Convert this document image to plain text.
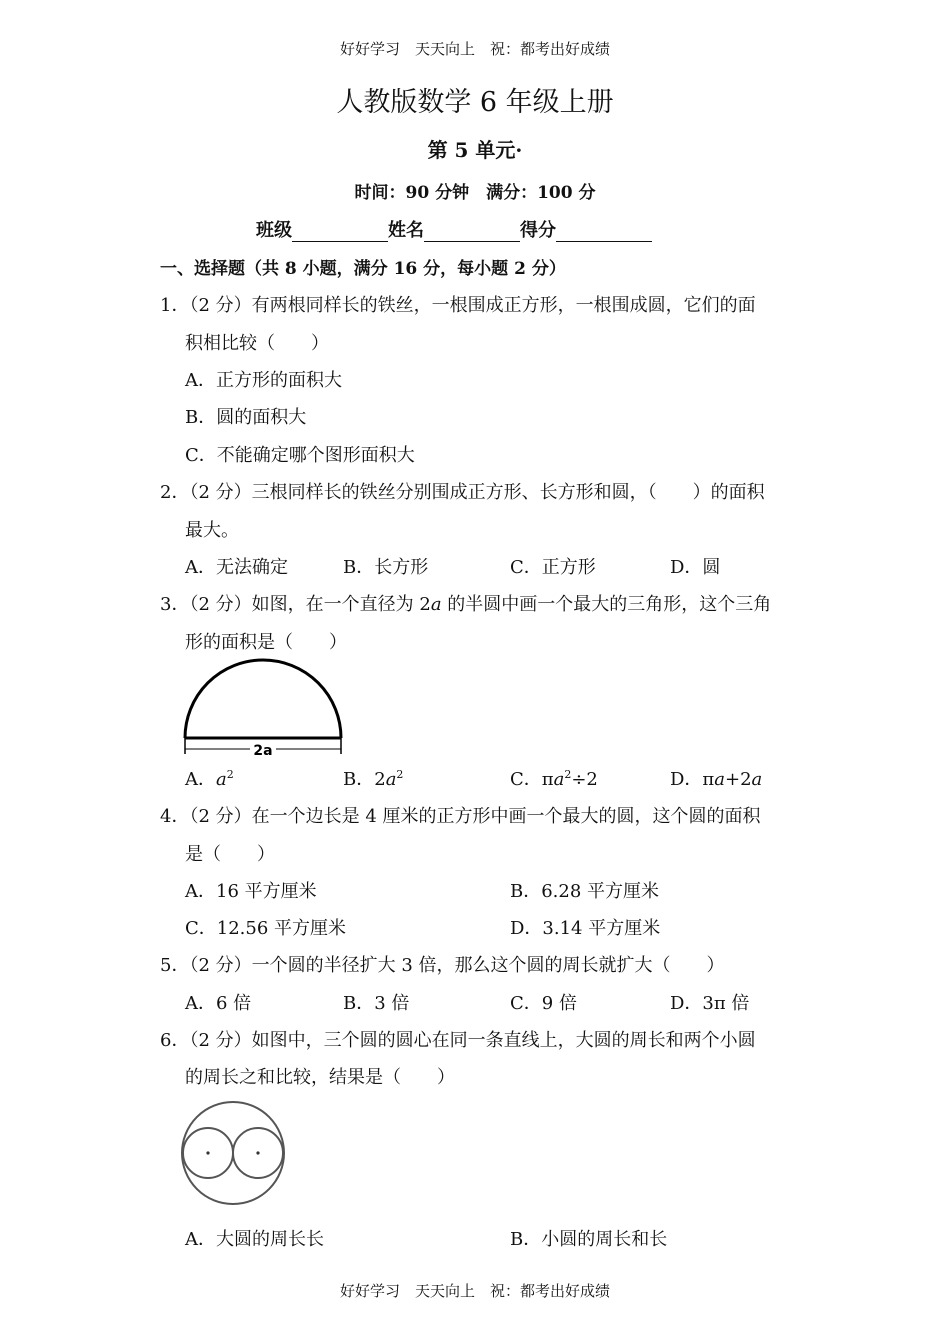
好好学习　天天向上　祝：都考出好成绩
人教版数学 6 年级上册
第 5 单元·
时间：90 分钟　满分：100 分
班级	姓名	得分
一、选择题（共 8 小题，满分 16 分，每小题 2 分）
1．（2 分）有两根同样长的铁丝，一根围成正方形，一根围成圆，它们的面
积相比较（　　）
A．正方形的面积大
B．圆的面积大
C．不能确定哪个图形面积大
2．（2 分）三根同样长的铁丝分别围成正方形、长方形和圆，（　　）的面积
最大。
A．无法确定	B．长方形	C．正方形	D．圆
3．（2 分）如图，在一个直径为 2a 的半圆中画一个最大的三角形，这个三角
形的面积是（　　）
2a
A．$a^2$	B．$2a^2$	C．$\pi a^2\div 2$	D．πa+2a
4．（2 分）在一个边长是 4 厘米的正方形中画一个最大的圆，这个圆的面积
是（　　）
A．16 平方厘米	B．6.28 平方厘米
C．12.56 平方厘米	D．3.14 平方厘米
5．（2 分）一个圆的半径扩大 3 倍，那么这个圆的周长就扩大（　　）
A．6 倍	B．3 倍	C．9 倍	D．3π 倍
6．（2 分）如图中，三个圆的圆心在同一条直线上，大圆的周长和两个小圆
的周长之和比较，结果是（　　）
A．大圆的周长长	B．小圆的周长和长
好好学习　天天向上　祝：都考出好成绩
